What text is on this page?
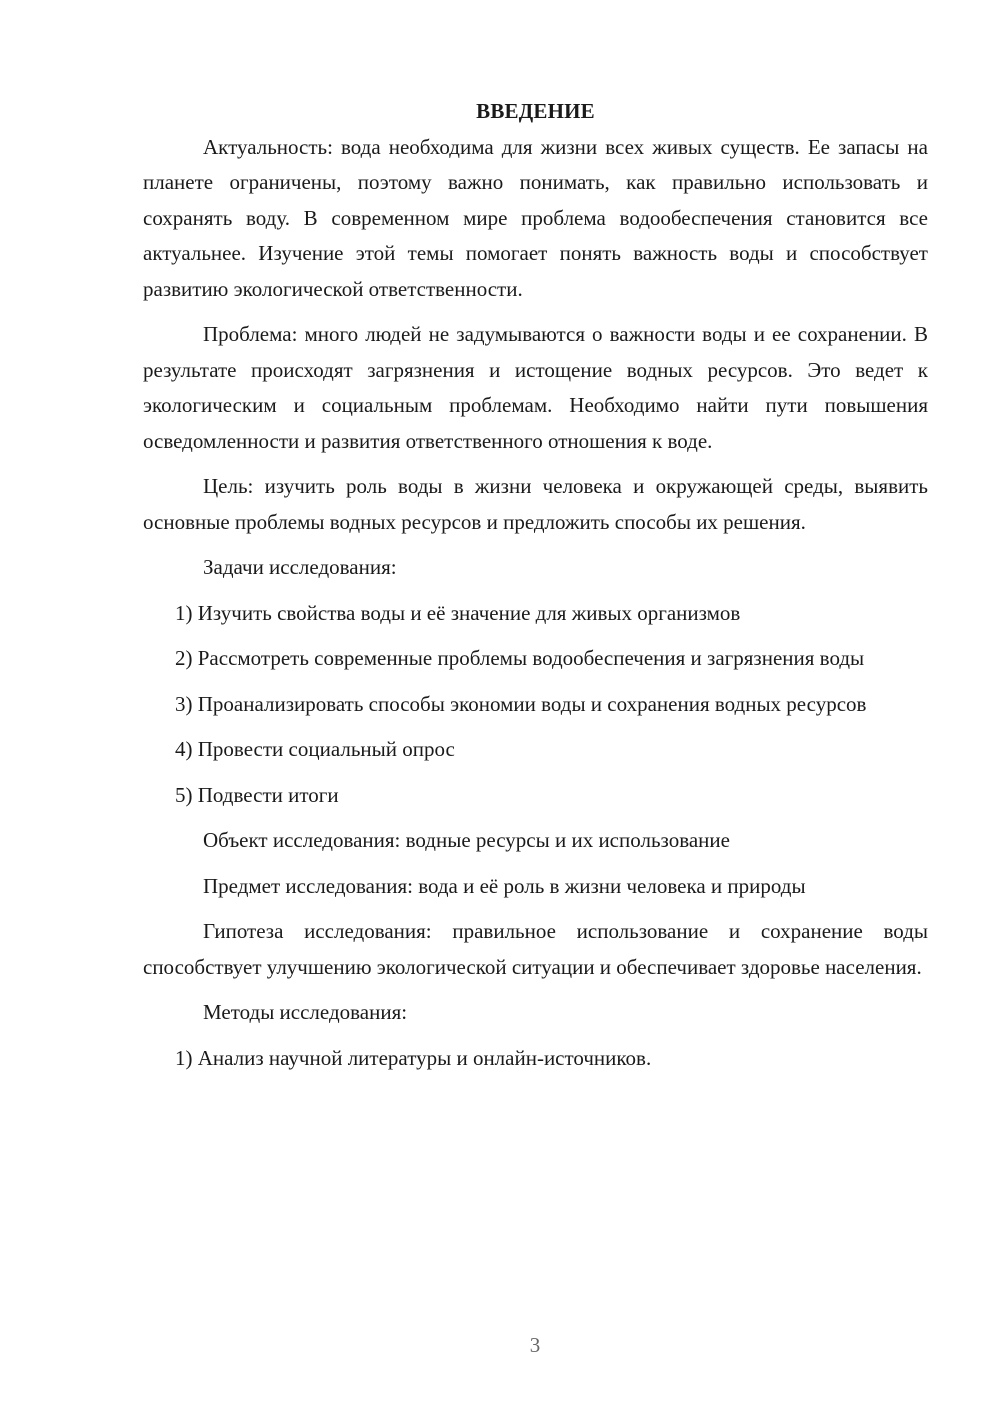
ВВЕДЕНИЕ

Актуальность: вода необходима для жизни всех живых существ. Ее запасы на планете ограничены, поэтому важно понимать, как правильно использовать и сохранять воду. В современном мире проблема водообеспечения становится все актуальнее. Изучение этой темы помогает понять важность воды и способствует развитию экологической ответственности.

Проблема: много людей не задумываются о важности воды и ее сохранении. В результате происходят загрязнения и истощение водных ресурсов. Это ведет к экологическим и социальным проблемам. Необходимо найти пути повышения осведомленности и развития ответственного отношения к воде.

Цель: изучить роль воды в жизни человека и окружающей среды, выявить основные проблемы водных ресурсов и предложить способы их решения.

Задачи исследования:

1) Изучить свойства воды и её значение для живых организмов

2) Рассмотреть современные проблемы водообеспечения и загрязнения воды

3) Проанализировать способы экономии воды и сохранения водных ресурсов

4) Провести социальный опрос

5) Подвести итоги

Объект исследования: водные ресурсы и их использование

Предмет исследования: вода и её роль в жизни человека и природы

Гипотеза исследования: правильное использование и сохранение воды способствует улучшению экологической ситуации и обеспечивает здоровье населения.

Методы исследования:

1) Анализ научной литературы и онлайн-источников.

3
